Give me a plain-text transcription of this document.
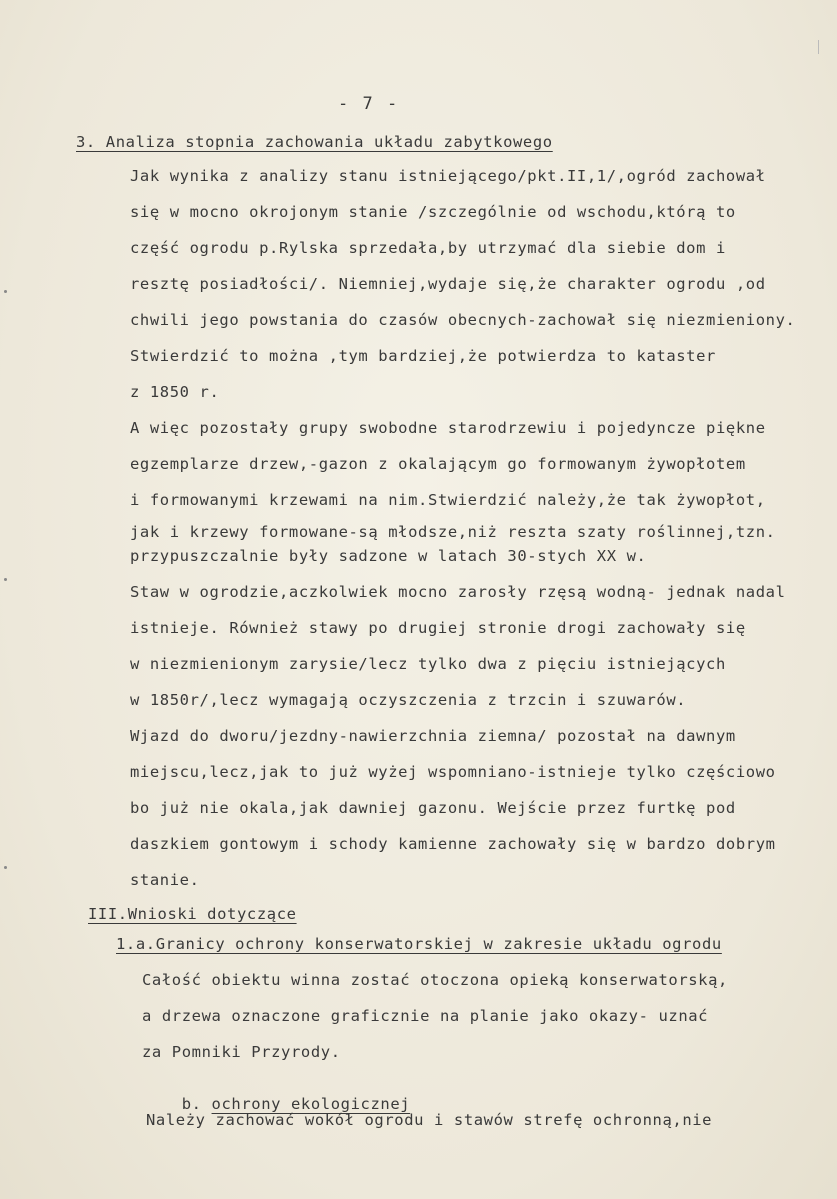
- 7 -
3. Analiza stopnia zachowania układu zabytkowego
Jak wynika z analizy stanu istniejącego/pkt.II,1/,ogród zachował
się w mocno okrojonym stanie /szczególnie od wschodu,którą to
część ogrodu p.Rylska sprzedała,by utrzymać dla siebie dom i
resztę posiadłości/. Niemniej,wydaje się,że charakter ogrodu ,od
chwili jego powstania do czasów obecnych-zachował się niezmieniony.
Stwierdzić to można ,tym bardziej,że potwierdza to kataster
z 1850 r.
A więc pozostały grupy swobodne starodrzewiu i pojedyncze piękne
egzemplarze drzew,-gazon z okalającym go formowanym żywopłotem
i formowanymi krzewami na nim.Stwierdzić należy,że tak żywopłot,
jak i krzewy formowane-są młodsze,niż reszta szaty roślinnej,tzn.
przypuszczalnie były sadzone w latach 30-stych XX w.
Staw w ogrodzie,aczkolwiek mocno zarosły rzęsą wodną- jednak nadal
istnieje. Również stawy po drugiej stronie drogi zachowały się
w niezmienionym zarysie/lecz tylko dwa z pięciu istniejących
w 1850r/,lecz wymagają oczyszczenia z trzcin i szuwarów.
Wjazd do dworu/jezdny-nawierzchnia ziemna/ pozostał na dawnym
miejscu,lecz,jak to już wyżej wspomniano-istnieje tylko częściowo
bo już nie okala,jak dawniej gazonu. Wejście przez furtkę pod
daszkiem gontowym i schody kamienne zachowały się w bardzo dobrym
stanie.
III.Wnioski dotyczące
1.a.Granicy ochrony konserwatorskiej w zakresie układu ogrodu
Całość obiektu winna zostać otoczona opieką konserwatorską,
a drzewa oznaczone graficznie na planie jako okazy- uznać
za Pomniki Przyrody.

b. ochrony ekologicznej

Należy zachować wokół ogrodu i stawów strefę ochronną,nie
